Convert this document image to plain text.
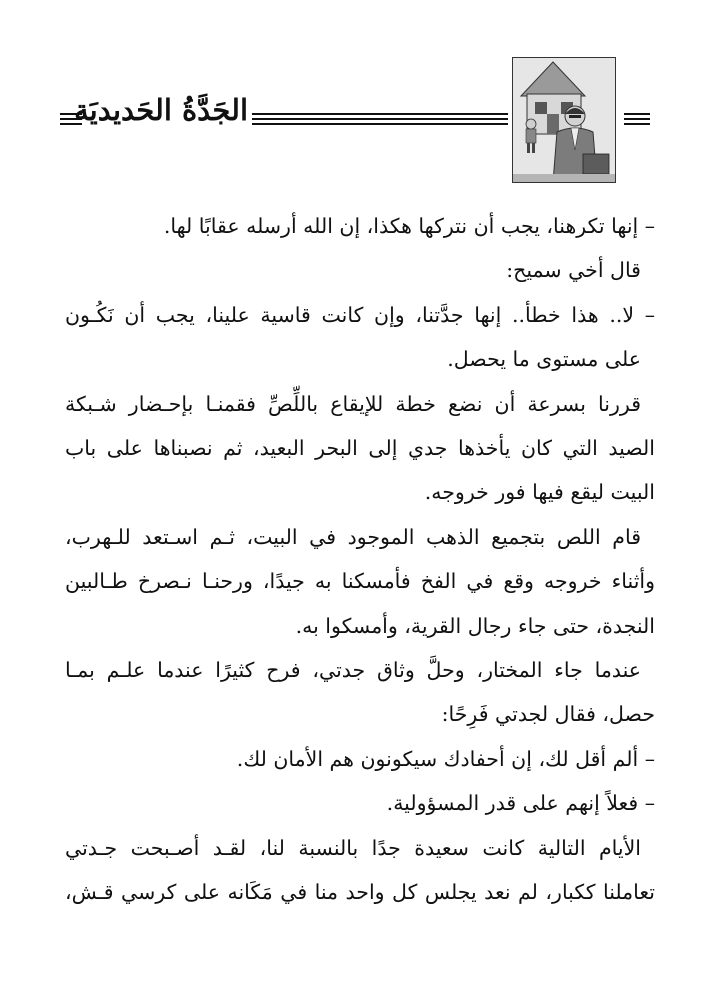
الجَدَّةُ الحَديديَة

– إنها تكرهنا، يجب أن نتركها هكذا، إن الله أرسله عقابًا لها.

قال أخي سميح:

– لا.. هذا خطأ.. إنها جدَّتنا، وإن كانت قاسية علينا، يجب أن نَكُـون

على مستوى ما يحصل.

قررنا بسرعة أن نضع خطة للإيقاع باللِّصِّ فقمنـا بإحـضار شـبكة

الصيد التي كان يأخذها جدي إلى البحر البعيد، ثم نصبناها على باب

البيت ليقع فيها فور خروجه.

قام اللص بتجميع الذهب الموجود في البيت، ثـم اسـتعد للـهرب،

وأثناء خروجه وقع في الفخ فأمسكنا به جيدًا، ورحنـا نـصرخ طـالبين

النجدة، حتى جاء رجال القرية، وأمسكوا به.

عندما جاء المختار، وحلَّ وثاق جدتي، فرح كثيرًا عندما علـم بمـا

حصل، فقال لجدتي فَرِحًا:

– ألم أقل لك، إن أحفادك سيكونون هم الأمان لك.

– فعلاً إنهم على قدر المسؤولية.

الأيام التالية كانت سعيدة جدًا بالنسبة لنا، لقـد أصـبحت جـدتي

تعاملنا ككبار، لم نعد يجلس كل واحد منا في مَكَانه على كرسي قـش،
